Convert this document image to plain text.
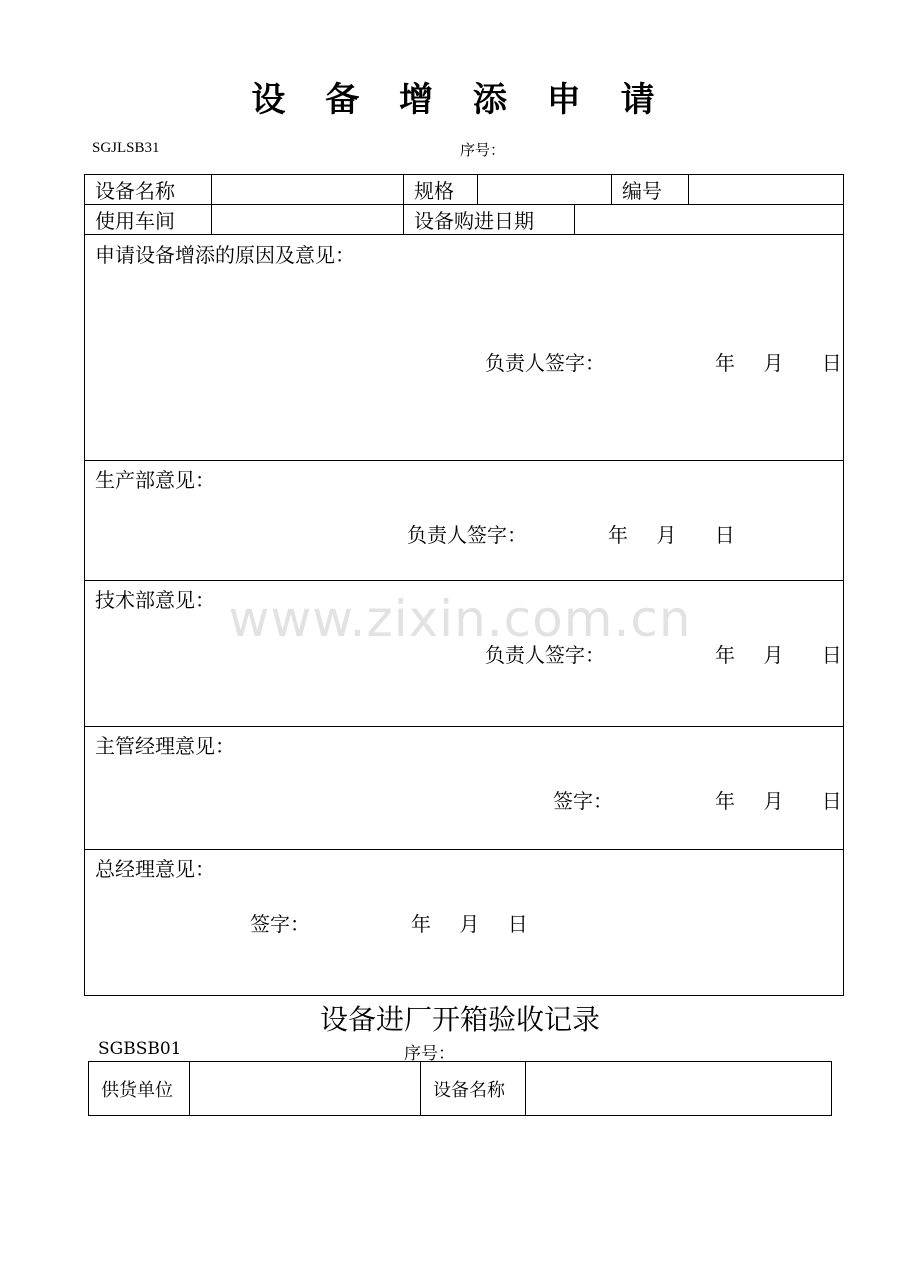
设 备 增 添 申 请
SGJLSB31	序号：
设备名称		规格		编号	
使用车间		设备购进日期	
申请设备增添的原因及意见：
负责人签字：	年 月 日
生产部意见：
负责人签字：	年 月 日
技术部意见：
负责人签字：	年 月 日
主管经理意见：
签字：	年 月 日
总经理意见：
签字：	年 月 日
www.zixin.com.cn
设备进厂开箱验收记录
SGBSB01	序号：
供货单位		设备名称	
